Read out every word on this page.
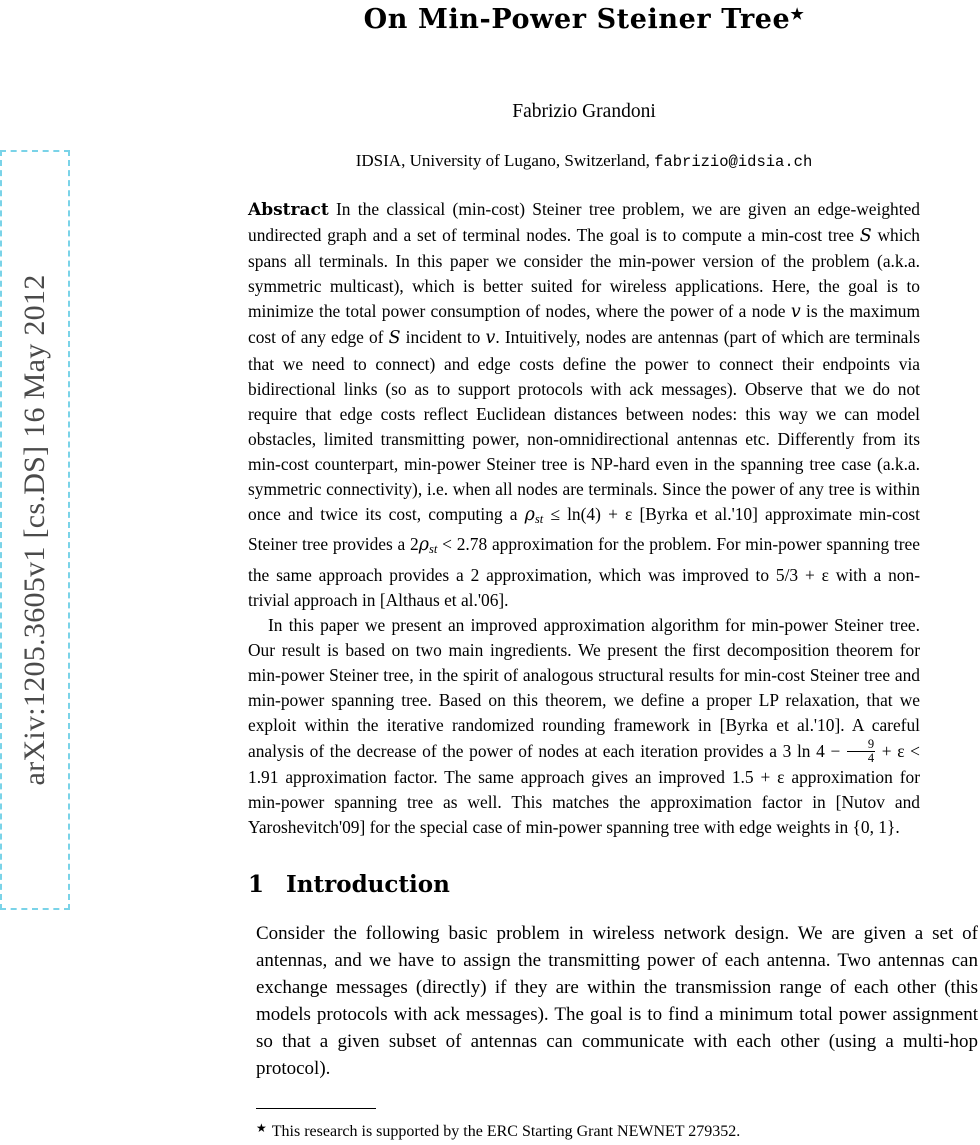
arXiv:1205.3605v1 [cs.DS] 16 May 2012
On Min-Power Steiner Tree★
Fabrizio Grandoni
IDSIA, University of Lugano, Switzerland, fabrizio@idsia.ch

Abstract In the classical (min-cost) Steiner tree problem, we are given an edge-weighted undirected graph and a set of terminal nodes. The goal is to compute a min-cost tree S which spans all terminals. In this paper we consider the min-power version of the problem (a.k.a. symmetric multicast), which is better suited for wireless applications. Here, the goal is to minimize the total power consumption of nodes, where the power of a node v is the maximum cost of any edge of S incident to v. Intuitively, nodes are antennas (part of which are terminals that we need to connect) and edge costs define the power to connect their endpoints via bidirectional links (so as to support protocols with ack messages). Observe that we do not require that edge costs reflect Euclidean distances between nodes: this way we can model obstacles, limited transmitting power, non-omnidirectional antennas etc. Differently from its min-cost counterpart, min-power Steiner tree is NP-hard even in the spanning tree case (a.k.a. symmetric connectivity), i.e. when all nodes are terminals. Since the power of any tree is within once and twice its cost, computing a $\rho_{st} \le \ln(4) + \varepsilon$ [Byrka et al.'10] approximate min-cost Steiner tree provides a $2\rho_{st} < 2.78$ approximation for the problem. For min-power spanning tree the same approach provides a 2 approximation, which was improved to 5/3 + ε with a non-trivial approach in [Althaus et al.'06].

In this paper we present an improved approximation algorithm for min-power Steiner tree. Our result is based on two main ingredients. We present the first decomposition theorem for min-power Steiner tree, in the spirit of analogous structural results for min-cost Steiner tree and min-power spanning tree. Based on this theorem, we define a proper LP relaxation, that we exploit within the iterative randomized rounding framework in [Byrka et al.'10]. A careful analysis of the decrease of the power of nodes at each iteration provides a 3 $\ln 4 - \frac{9}{4} + \varepsilon < 1.91$ approximation factor. The same approach gives an improved 1.5 + ε approximation for min-power spanning tree as well. This matches the approximation factor in [Nutov and Yaroshevitch'09] for the special case of min-power spanning tree with edge weights in {0, 1}.

1 Introduction

Consider the following basic problem in wireless network design. We are given a set of antennas, and we have to assign the transmitting power of each antenna. Two antennas can exchange messages (directly) if they are within the transmission range of each other (this models protocols with ack messages). The goal is to find a minimum total power assignment so that a given subset of antennas can communicate with each other (using a multi-hop protocol).

★ This research is supported by the ERC Starting Grant NEWNET 279352.
